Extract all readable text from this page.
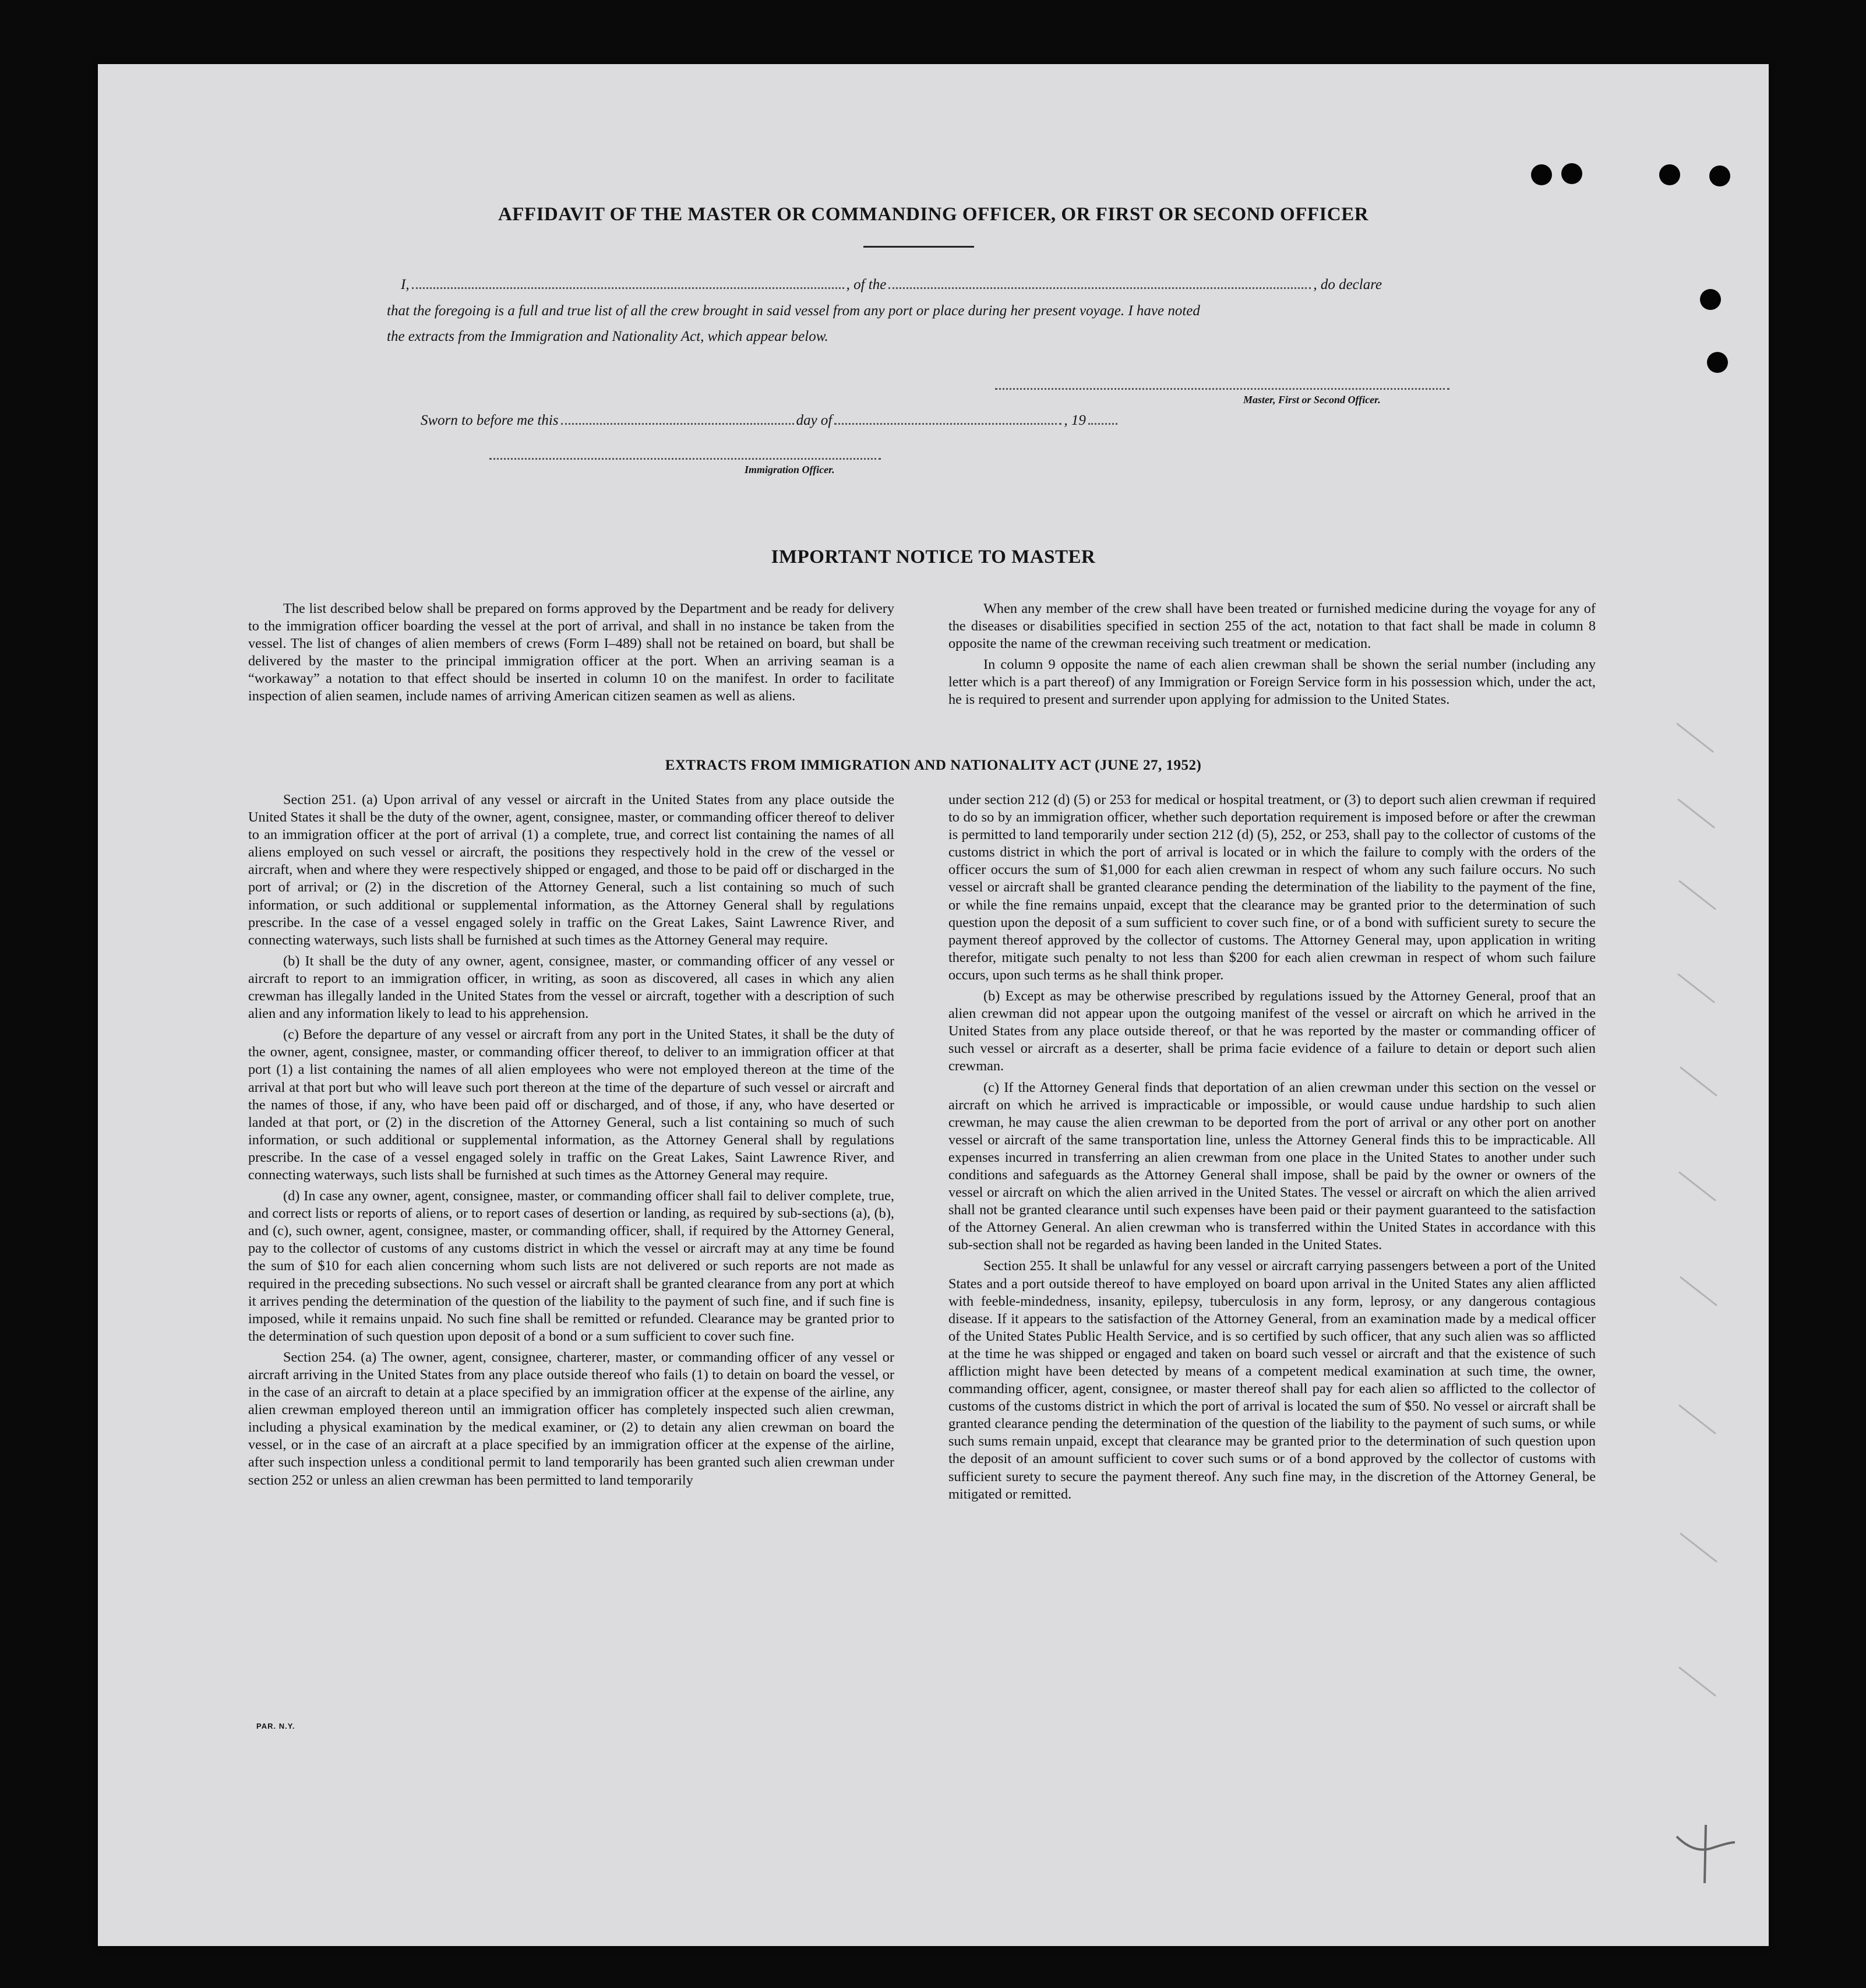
AFFIDAVIT OF THE MASTER OR COMMANDING OFFICER, OR FIRST OR SECOND OFFICER
I,	, of the	, do declare
that the foregoing is a full and true list of all the crew brought in said vessel from any port or place during her present voyage. I have noted
the extracts from the Immigration and Nationality Act, which appear below.
Master, First or Second Officer.
Sworn to before me this	day of	, 19
Immigration Officer.
IMPORTANT NOTICE TO MASTER

The list described below shall be prepared on forms approved by the Department and be ready for delivery to the immigration officer boarding the vessel at the port of arrival, and shall in no instance be taken from the vessel. The list of changes of alien members of crews (Form I–489) shall not be retained on board, but shall be delivered by the master to the principal immigration officer at the port. When an arriving seaman is a “workaway” a notation to that effect should be inserted in column 10 on the manifest. In order to facilitate inspection of alien seamen, include names of arriving American citizen seamen as well as aliens.

When any member of the crew shall have been treated or furnished medicine during the voyage for any of the diseases or disabilities specified in section 255 of the act, notation to that fact shall be made in column 8 opposite the name of the crewman receiving such treatment or medication.

In column 9 opposite the name of each alien crewman shall be shown the serial number (including any letter which is a part thereof) of any Immigration or Foreign Service form in his possession which, under the act, he is required to present and surrender upon applying for admission to the United States.

EXTRACTS FROM IMMIGRATION AND NATIONALITY ACT (JUNE 27, 1952)

Section 251. (a) Upon arrival of any vessel or aircraft in the United States from any place outside the United States it shall be the duty of the owner, agent, consignee, master, or commanding officer thereof to deliver to an immigration officer at the port of arrival (1) a complete, true, and correct list containing the names of all aliens employed on such vessel or aircraft, the positions they respectively hold in the crew of the vessel or aircraft, when and where they were respectively shipped or engaged, and those to be paid off or discharged in the port of arrival; or (2) in the discretion of the Attorney General, such a list containing so much of such information, or such additional or supplemental information, as the Attorney General shall by regulations prescribe. In the case of a vessel engaged solely in traffic on the Great Lakes, Saint Lawrence River, and connecting waterways, such lists shall be furnished at such times as the Attorney General may require.

(b) It shall be the duty of any owner, agent, consignee, master, or commanding officer of any vessel or aircraft to report to an immigration officer, in writing, as soon as discovered, all cases in which any alien crewman has illegally landed in the United States from the vessel or aircraft, together with a description of such alien and any information likely to lead to his apprehension.

(c) Before the departure of any vessel or aircraft from any port in the United States, it shall be the duty of the owner, agent, consignee, master, or commanding officer thereof, to deliver to an immigration officer at that port (1) a list containing the names of all alien employees who were not employed thereon at the time of the arrival at that port but who will leave such port thereon at the time of the departure of such vessel or aircraft and the names of those, if any, who have been paid off or discharged, and of those, if any, who have deserted or landed at that port, or (2) in the discretion of the Attorney General, such a list containing so much of such information, or such additional or supplemental information, as the Attorney General shall by regulations prescribe. In the case of a vessel engaged solely in traffic on the Great Lakes, Saint Lawrence River, and connecting waterways, such lists shall be furnished at such times as the Attorney General may require.

(d) In case any owner, agent, consignee, master, or commanding officer shall fail to deliver complete, true, and correct lists or reports of aliens, or to report cases of desertion or landing, as required by sub-sections (a), (b), and (c), such owner, agent, consignee, master, or commanding officer, shall, if required by the Attorney General, pay to the collector of customs of any customs district in which the vessel or aircraft may at any time be found the sum of $10 for each alien concerning whom such lists are not delivered or such reports are not made as required in the preceding subsections. No such vessel or aircraft shall be granted clearance from any port at which it arrives pending the determination of the question of the liability to the payment of such fine, and if such fine is imposed, while it remains unpaid. No such fine shall be remitted or refunded. Clearance may be granted prior to the determination of such question upon deposit of a bond or a sum sufficient to cover such fine.

Section 254. (a) The owner, agent, consignee, charterer, master, or commanding officer of any vessel or aircraft arriving in the United States from any place outside thereof who fails (1) to detain on board the vessel, or in the case of an aircraft to detain at a place specified by an immigration officer at the expense of the airline, any alien crewman employed thereon until an immigration officer has completely inspected such alien crewman, including a physical examination by the medical examiner, or (2) to detain any alien crewman on board the vessel, or in the case of an aircraft at a place specified by an immigration officer at the expense of the airline, after such inspection unless a conditional permit to land temporarily has been granted such alien crewman under section 252 or unless an alien crewman has been permitted to land temporarily

under section 212 (d) (5) or 253 for medical or hospital treatment, or (3) to deport such alien crewman if required to do so by an immigration officer, whether such deportation requirement is imposed before or after the crewman is permitted to land temporarily under section 212 (d) (5), 252, or 253, shall pay to the collector of customs of the customs district in which the port of arrival is located or in which the failure to comply with the orders of the officer occurs the sum of $1,000 for each alien crewman in respect of whom any such failure occurs. No such vessel or aircraft shall be granted clearance pending the determination of the liability to the payment of the fine, or while the fine remains unpaid, except that the clearance may be granted prior to the determination of such question upon the deposit of a sum sufficient to cover such fine, or of a bond with sufficient surety to secure the payment thereof approved by the collector of customs. The Attorney General may, upon application in writing therefor, mitigate such penalty to not less than $200 for each alien crewman in respect of whom such failure occurs, upon such terms as he shall think proper.

(b) Except as may be otherwise prescribed by regulations issued by the Attorney General, proof that an alien crewman did not appear upon the outgoing manifest of the vessel or aircraft on which he arrived in the United States from any place outside thereof, or that he was reported by the master or commanding officer of such vessel or aircraft as a deserter, shall be prima facie evidence of a failure to detain or deport such alien crewman.

(c) If the Attorney General finds that deportation of an alien crewman under this section on the vessel or aircraft on which he arrived is impracticable or impossible, or would cause undue hardship to such alien crewman, he may cause the alien crewman to be deported from the port of arrival or any other port on another vessel or aircraft of the same transportation line, unless the Attorney General finds this to be impracticable. All expenses incurred in transferring an alien crewman from one place in the United States to another under such conditions and safeguards as the Attorney General shall impose, shall be paid by the owner or owners of the vessel or aircraft on which the alien arrived in the United States. The vessel or aircraft on which the alien arrived shall not be granted clearance until such expenses have been paid or their payment guaranteed to the satisfaction of the Attorney General. An alien crewman who is transferred within the United States in accordance with this sub-section shall not be regarded as having been landed in the United States.

Section 255. It shall be unlawful for any vessel or aircraft carrying passengers between a port of the United States and a port outside thereof to have employed on board upon arrival in the United States any alien afflicted with feeble-mindedness, insanity, epilepsy, tuberculosis in any form, leprosy, or any dangerous contagious disease. If it appears to the satisfaction of the Attorney General, from an examination made by a medical officer of the United States Public Health Service, and is so certified by such officer, that any such alien was so afflicted at the time he was shipped or engaged and taken on board such vessel or aircraft and that the existence of such affliction might have been detected by means of a competent medical examination at such time, the owner, commanding officer, agent, consignee, or master thereof shall pay for each alien so afflicted to the collector of customs of the customs district in which the port of arrival is located the sum of $50. No vessel or aircraft shall be granted clearance pending the determination of the question of the liability to the payment of such sums, or while such sums remain unpaid, except that clearance may be granted prior to the determination of such question upon the deposit of an amount sufficient to cover such sums or of a bond approved by the collector of customs with sufficient surety to secure the payment thereof. Any such fine may, in the discretion of the Attorney General, be mitigated or remitted.

PAR. N.Y.
